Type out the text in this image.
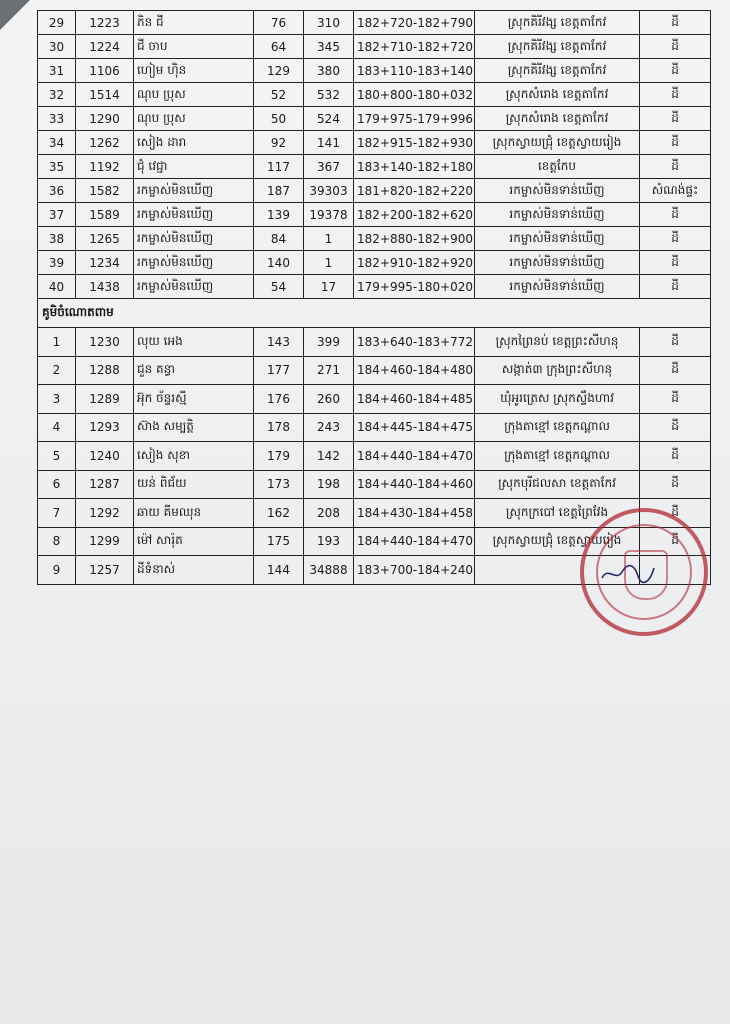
29	1223	ភិន ជី	76	310	182+720-182+790	ស្រុកគិរីវង្ស ខេត្តតាកែវ	ដី
30	1224	ជី ចាប	64	345	182+710-182+720	ស្រុកគិរីវង្ស ខេត្តតាកែវ	ដី
31	1106	ហៀម ហ៊ិន	129	380	183+110-183+140	ស្រុកគិរីវង្ស ខេត្តតាកែវ	ដី
32	1514	ណុប ប្រុស	52	532	180+800-180+032	ស្រុកសំរោង ខេត្តតាកែវ	ដី
33	1290	ណុប ប្រុស	50	524	179+975-179+996	ស្រុកសំរោង ខេត្តតាកែវ	ដី
34	1262	សៀង ដារា	92	141	182+915-182+930	ស្រុកស្វាយជ្រុំ ខេត្តស្វាយរៀង	ដី
35	1192	ជុំ វេជ្ជា	117	367	183+140-182+180	ខេត្តកែប	ដី
36	1582	រកម្ចាស់មិនឃើញ	187	39303	181+820-182+220	រកម្ចាស់មិនទាន់ឃើញ	សំណង់ផ្ទះ
37	1589	រកម្ចាស់មិនឃើញ	139	19378	182+200-182+620	រកម្ចាស់មិនទាន់ឃើញ	ដី
38	1265	រកម្ចាស់មិនឃើញ	84	1	182+880-182+900	រកម្ចាស់មិនទាន់ឃើញ	ដី
39	1234	រកម្ចាស់មិនឃើញ	140	1	182+910-182+920	រកម្ចាស់មិនទាន់ឃើញ	ដី
40	1438	រកម្ចាស់មិនឃើញ	54	17	179+995-180+020	រកម្ចាស់មិនទាន់ឃើញ	ដី
គូមិចំណោតពាម							
1	1230	លុយ អេង	143	399	183+640-183+772	ស្រុកព្រៃនប់ ខេត្តព្រះសីហនុ	ដី
2	1288	ជួន គន្ធា	177	271	184+460-184+480	សង្កាត់៣ ក្រុងព្រះសីហនុ	ដី
3	1289	អ៊ុក ច័ន្ទរស្មី	176	260	184+460-184+485	ឃុំអូរត្រេស ស្រុកស្ទឹងហាវ	ដី
4	1293	ស៊ាង សម្បត្តិ	178	243	184+445-184+475	ក្រុងតាខ្មៅ ខេត្តកណ្តាល	ដី
5	1240	សៀង សុខា	179	142	184+440-184+470	ក្រុងតាខ្មៅ ខេត្តកណ្តាល	ដី
6	1287	យន់ ពិជ័យ	173	198	184+440-184+460	ស្រុកបុរីជលសា ខេត្តតាកែវ	ដី
7	1292	ឆាយ គីមឈុន	162	208	184+430-184+458	ស្រុកក្របៅ ខេត្តព្រៃវែង	ដី
8	1299	ម៉ៅ សារ៉ុត	175	193	184+440-184+470	ស្រុកស្វាយជ្រុំ ខេត្តស្វាយរៀង	ដី
9	1257	ដីទំនាស់	144	34888	183+700-184+240		
